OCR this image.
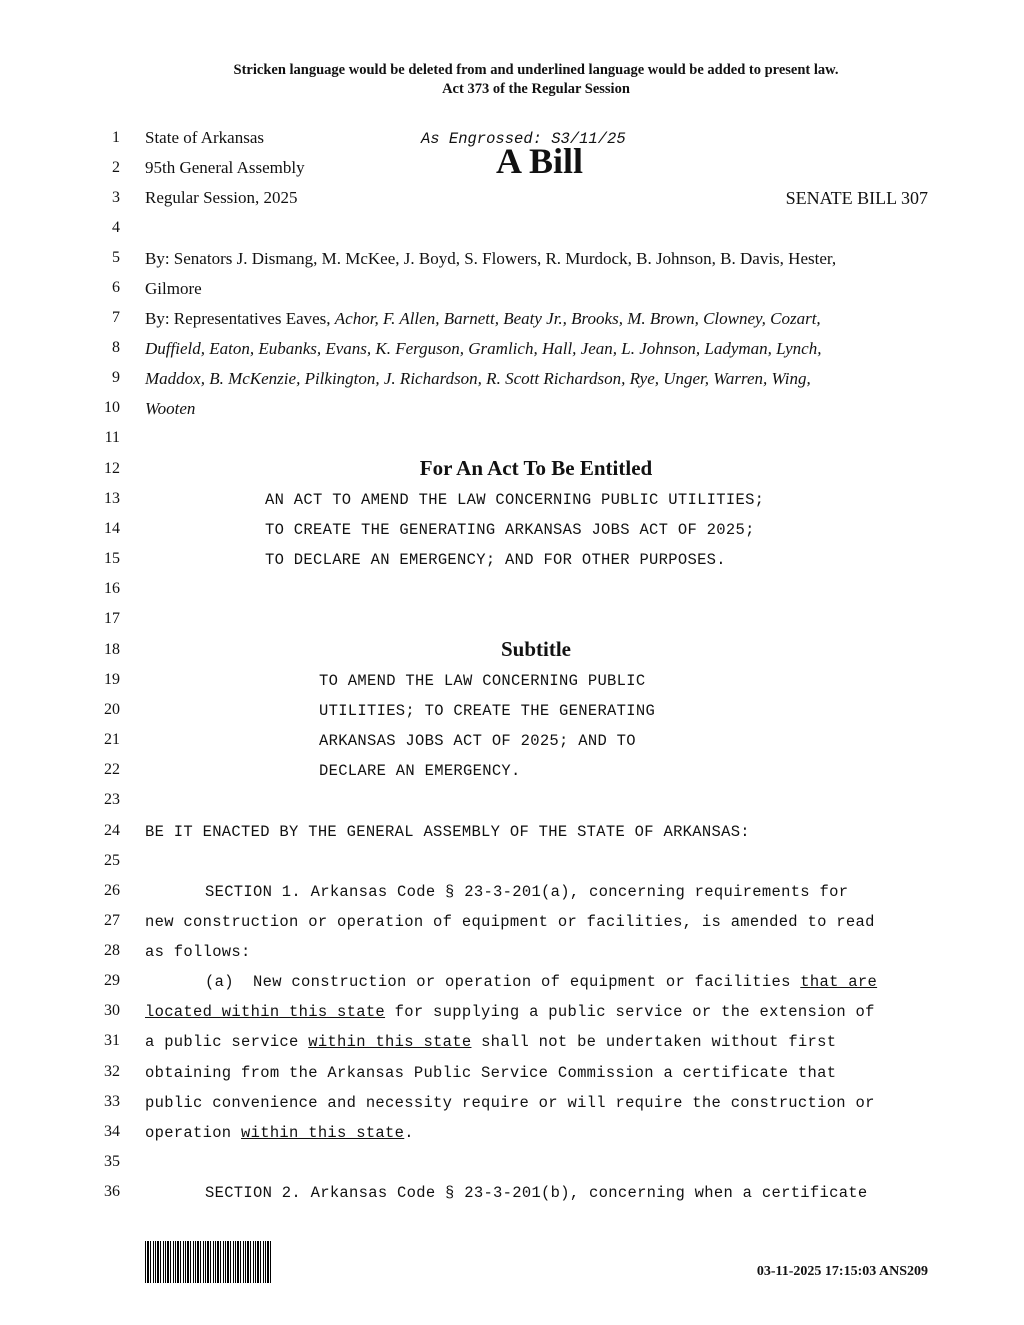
Stricken language would be deleted from and underlined language would be added to present law.
Act 373 of the Regular Session
1
2
3
4
5
6
7
8
9
10
11
12
13
14
15
16
17
18
19
20
21
22
23
24
25
26
27
28
29
30
31
32
33
34
35
36
State of Arkansas	As Engrossed: S3/11/25
95th General Assembly	A Bill
Regular Session, 2025	SENATE BILL 307
By: Senators J. Dismang, M. McKee, J. Boyd, S. Flowers, R. Murdock, B. Johnson, B. Davis, Hester,
Gilmore
By: Representatives Eaves, Achor, F. Allen, Barnett, Beaty Jr., Brooks, M. Brown, Clowney, Cozart,
Duffield, Eaton, Eubanks, Evans, K. Ferguson, Gramlich, Hall, Jean, L. Johnson, Ladyman, Lynch,
Maddox, B. McKenzie, Pilkington, J. Richardson, R. Scott Richardson, Rye, Unger, Warren, Wing,
Wooten
For An Act To Be Entitled
AN ACT TO AMEND THE LAW CONCERNING PUBLIC UTILITIES;
TO CREATE THE GENERATING ARKANSAS JOBS ACT OF 2025;
TO DECLARE AN EMERGENCY; AND FOR OTHER PURPOSES.
Subtitle
TO AMEND THE LAW CONCERNING PUBLIC
UTILITIES; TO CREATE THE GENERATING
ARKANSAS JOBS ACT OF 2025; AND TO
DECLARE AN EMERGENCY.
BE IT ENACTED BY THE GENERAL ASSEMBLY OF THE STATE OF ARKANSAS:
SECTION 1. Arkansas Code § 23-3-201(a), concerning requirements for
new construction or operation of equipment or facilities, is amended to read
as follows:
(a)  New construction or operation of equipment or facilities that are
located within this state for supplying a public service or the extension of
a public service within this state shall not be undertaken without first
obtaining from the Arkansas Public Service Commission a certificate that
public convenience and necessity require or will require the construction or
operation within this state.
SECTION 2. Arkansas Code § 23-3-201(b), concerning when a certificate
03-11-2025 17:15:03 ANS209
